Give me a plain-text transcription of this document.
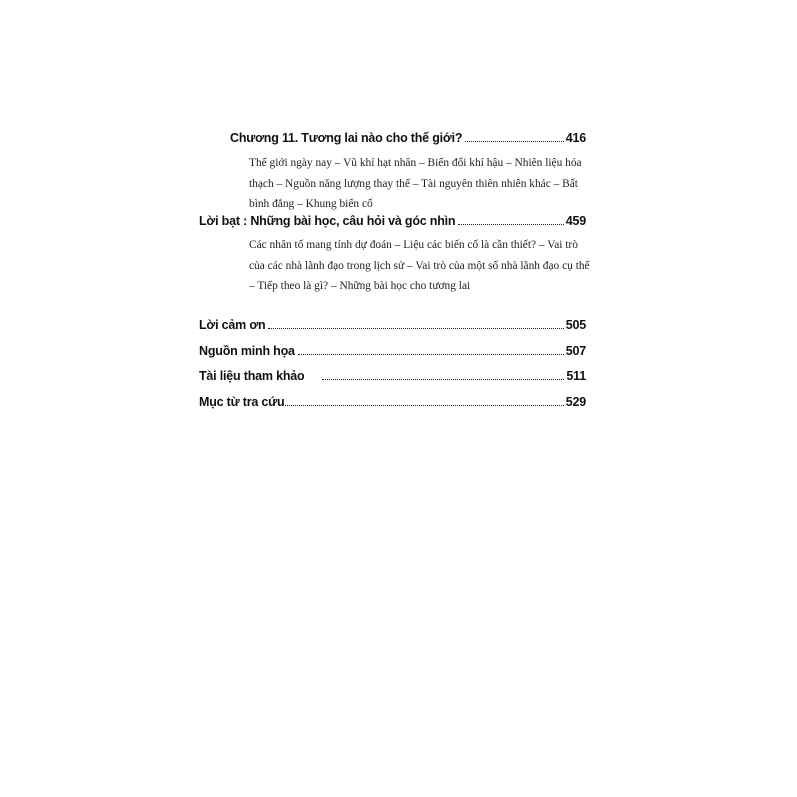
Chương 11. Tương lai nào cho thế giới?	416

Thế giới ngày nay – Vũ khí hạt nhân – Biến đổi khí hậu – Nhiên liệu hóa
thạch – Nguồn năng lượng thay thế – Tài nguyên thiên nhiên khác – Bất
bình đẳng – Khung biến cố

Lời bạt : Những bài học, câu hỏi và góc nhìn	459

Các nhân tố mang tính dự đoán – Liệu các biến cố là cần thiết? – Vai trò
của các nhà lãnh đạo trong lịch sử – Vai trò của một số nhà lãnh đạo cụ thể
– Tiếp theo là gì? – Những bài học cho tương lai

Lời cảm ơn	505
Nguồn minh họa	507
Tài liệu tham khảo	511
Mục từ tra cứu	529
